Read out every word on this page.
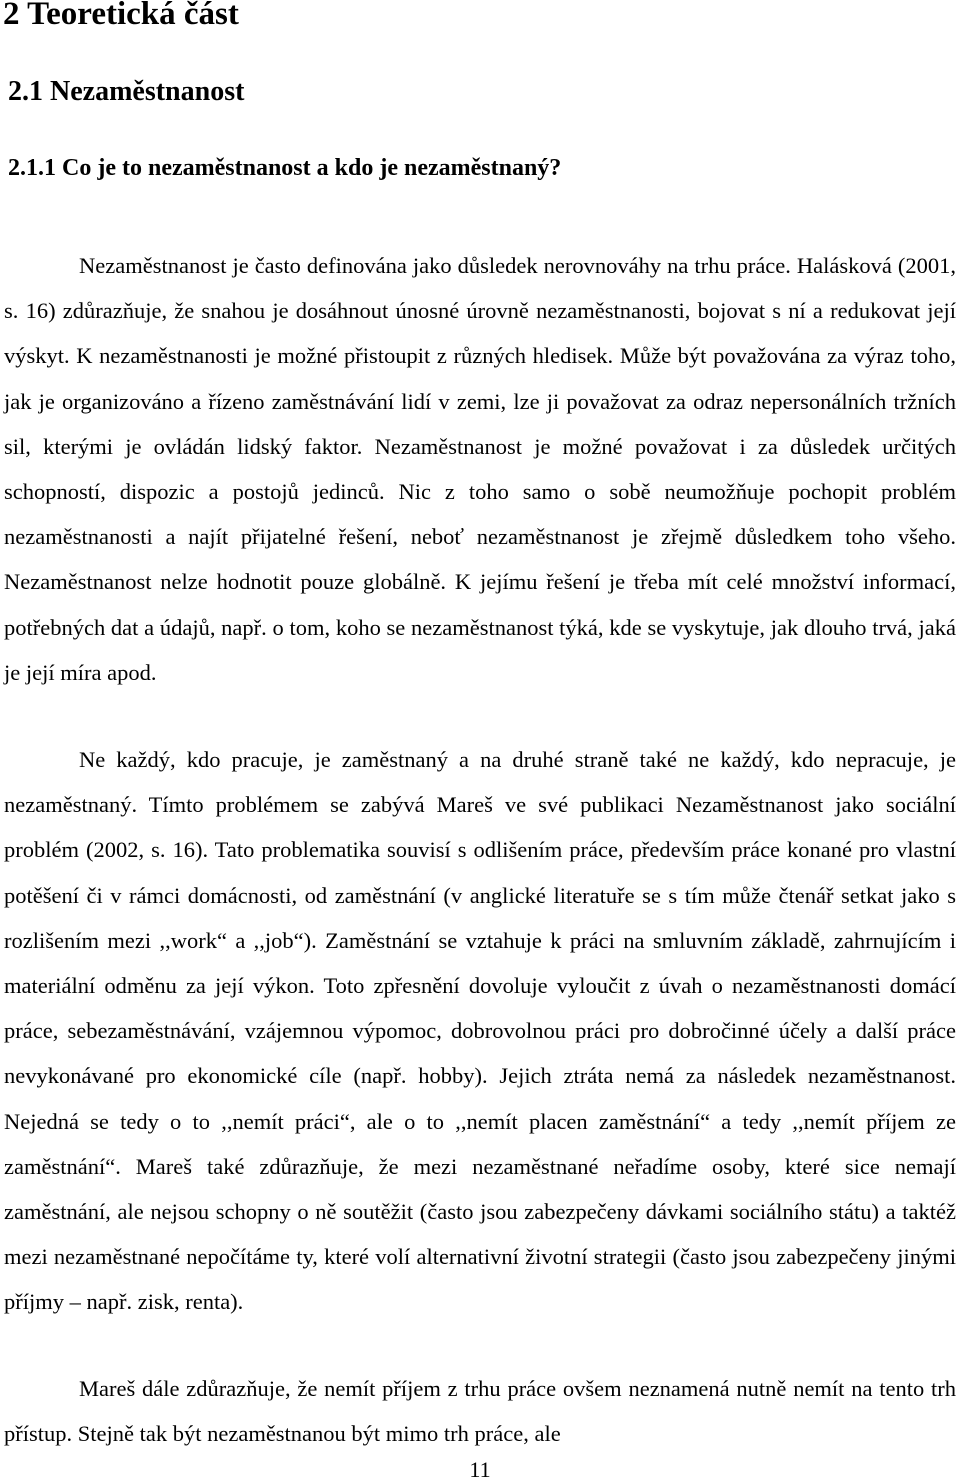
2 Teoretická část
2.1 Nezaměstnanost
2.1.1 Co je to nezaměstnanost a kdo je nezaměstnaný?

Nezaměstnanost je často definována jako důsledek nerovnováhy na trhu práce. Halásková (2001, s. 16) zdůrazňuje, že snahou je dosáhnout únosné úrovně nezaměstnanosti, bojovat s ní a redukovat její výskyt. K nezaměstnanosti je možné přistoupit z různých hledisek. Může být považována za výraz toho, jak je organizováno a řízeno zaměstnávání lidí v zemi, lze ji považovat za odraz nepersonálních tržních sil, kterými je ovládán lidský faktor. Nezaměstnanost je možné považovat i za důsledek určitých schopností, dispozic a postojů jedinců. Nic z toho samo o sobě neumožňuje pochopit problém nezaměstnanosti a najít přijatelné řešení, neboť nezaměstnanost je zřejmě důsledkem toho všeho. Nezaměstnanost nelze hodnotit pouze globálně. K jejímu řešení je třeba mít celé množství informací, potřebných dat a údajů, např. o tom, koho se nezaměstnanost týká, kde se vyskytuje, jak dlouho trvá, jaká je její míra apod.

Ne každý, kdo pracuje, je zaměstnaný a na druhé straně také ne každý, kdo nepracuje, je nezaměstnaný. Tímto problémem se zabývá Mareš ve své publikaci Nezaměstnanost jako sociální problém (2002, s. 16). Tato problematika souvisí s odlišením práce, především práce konané pro vlastní potěšení či v rámci domácnosti, od zaměstnání (v anglické literatuře se s tím může čtenář setkat jako s rozlišením mezi ,,work“ a ,,job“). Zaměstnání se vztahuje k práci na smluvním základě, zahrnujícím i materiální odměnu za její výkon. Toto zpřesnění dovoluje vyloučit z úvah o nezaměstnanosti domácí práce, sebezaměstnávání, vzájemnou výpomoc, dobrovolnou práci pro dobročinné účely a další práce nevykonávané pro ekonomické cíle (např. hobby). Jejich ztráta nemá za následek nezaměstnanost. Nejedná se tedy o to ,,nemít práci“, ale o to ,,nemít placen zaměstnání“ a tedy ,,nemít příjem ze zaměstnání“. Mareš také zdůrazňuje, že mezi nezaměstnané neřadíme osoby, které sice nemají zaměstnání, ale nejsou schopny o ně soutěžit (často jsou zabezpečeny dávkami sociálního státu) a taktéž mezi nezaměstnané nepočítáme ty, které volí alternativní životní strategii (často jsou zabezpečeny jinými příjmy – např. zisk, renta).

Mareš dále zdůrazňuje, že nemít příjem z trhu práce ovšem neznamená nutně nemít na tento trh přístup. Stejně tak být nezaměstnanou být mimo trh práce, ale

11
